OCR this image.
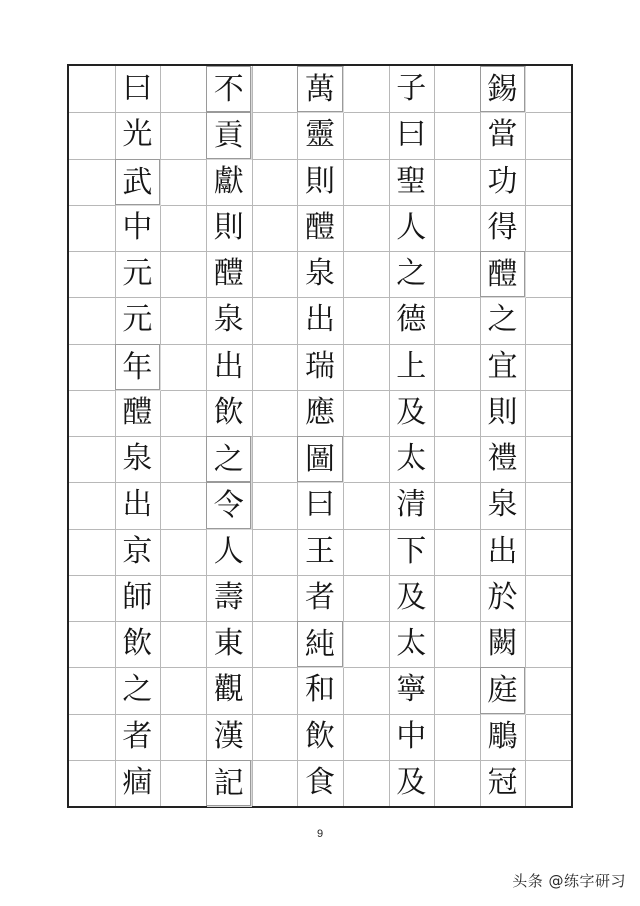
錫
當
功
得
醴
之
宜
則
禮
泉
出
於
闕
庭
鵰
冠
子
曰
聖
人
之
德
上
及
太
清
下
及
太
寧
中
及
萬
靈
則
醴
泉
出
瑞
應
圖
曰
王
者
純
和
飲
食
不
貢
獻
則
醴
泉
出
飲
之
令
人
壽
東
觀
漢
記
曰
光
武
中
元
元
年
醴
泉
出
京
師
飲
之
者
痼
9
头条 @练字研习
